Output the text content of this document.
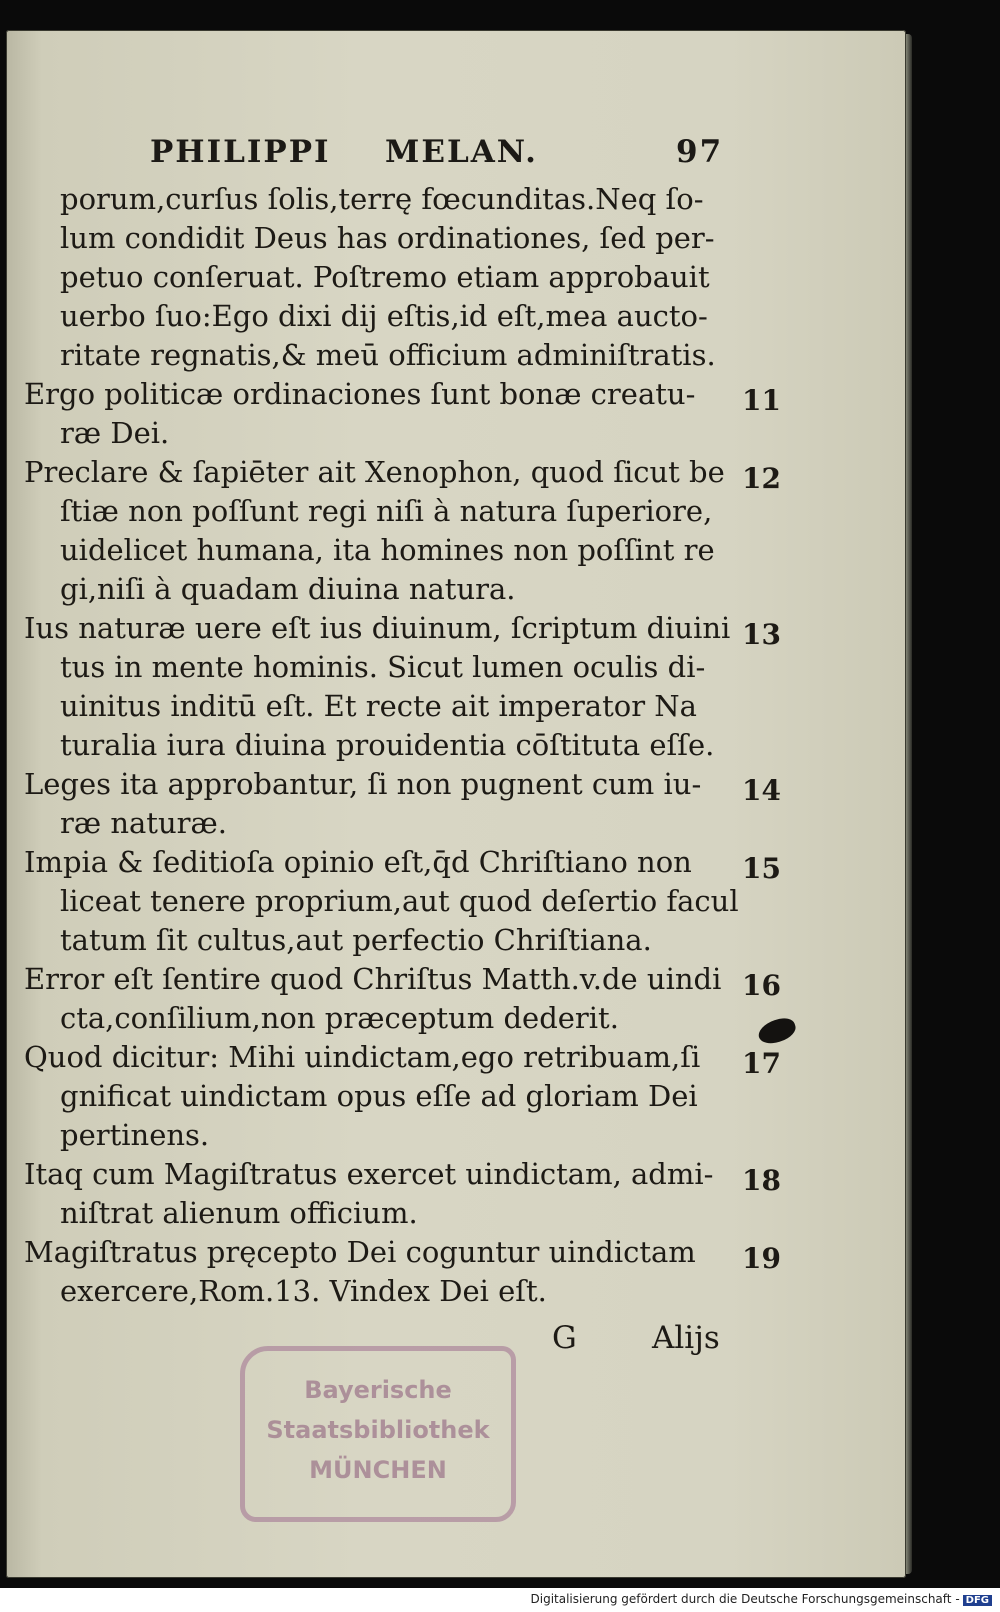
PHILIPPI MELAN.	97
porum,curſus ſolis,terrę fœcunditas.Neq ſo-
lum condidit Deus has ordinationes, ſed per-
petuo conſeruat. Poſtremo etiam approbauit
uerbo ſuo:Ego dixi dij eſtis,id eſt,mea aucto-
ritate regnatis,& meū officium adminiſtratis.
Ergo politicæ ordinaciones ſunt bonæ creatu-
ræ Dei.
Preclare & ſapiēter ait Xenophon, quod ſicut be
ſtiæ non poſſunt regi niſi à natura ſuperiore,
uidelicet humana, ita homines non poſſint re
gi,niſi à quadam diuina natura.
Ius naturæ uere eſt ius diuinum, ſcriptum diuini
tus in mente hominis. Sicut lumen oculis di-
uinitus inditū eſt. Et recte ait imperator Na
turalia iura diuina prouidentia cōſtituta eſſe.
Leges ita approbantur, ſi non pugnent cum iu-
ræ naturæ.
Impia & ſeditioſa opinio eſt,q̄d Chriſtiano non
liceat tenere proprium,aut quod deſertio facul
tatum ſit cultus,aut perfectio Chriſtiana.
Error eſt ſentire quod Chriſtus Matth.v.de uindi
cta,conſilium,non præceptum dederit.
Quod dicitur: Mihi uindictam,ego retribuam,ſi
gnificat uindictam opus eſſe ad gloriam Dei
pertinens.
Itaq cum Magiſtratus exercet uindictam, admi-
niſtrat alienum officium.
Magiſtratus pręcepto Dei coguntur uindictam
exercere,Rom.13. Vindex Dei eſt.
11
12
13
14
15
16
17
18
19
G Alijs
Bayerische
Staatsbibliothek
MÜNCHEN
Digitalisierung gefördert durch die Deutsche Forschungsgemeinschaft - DFG
